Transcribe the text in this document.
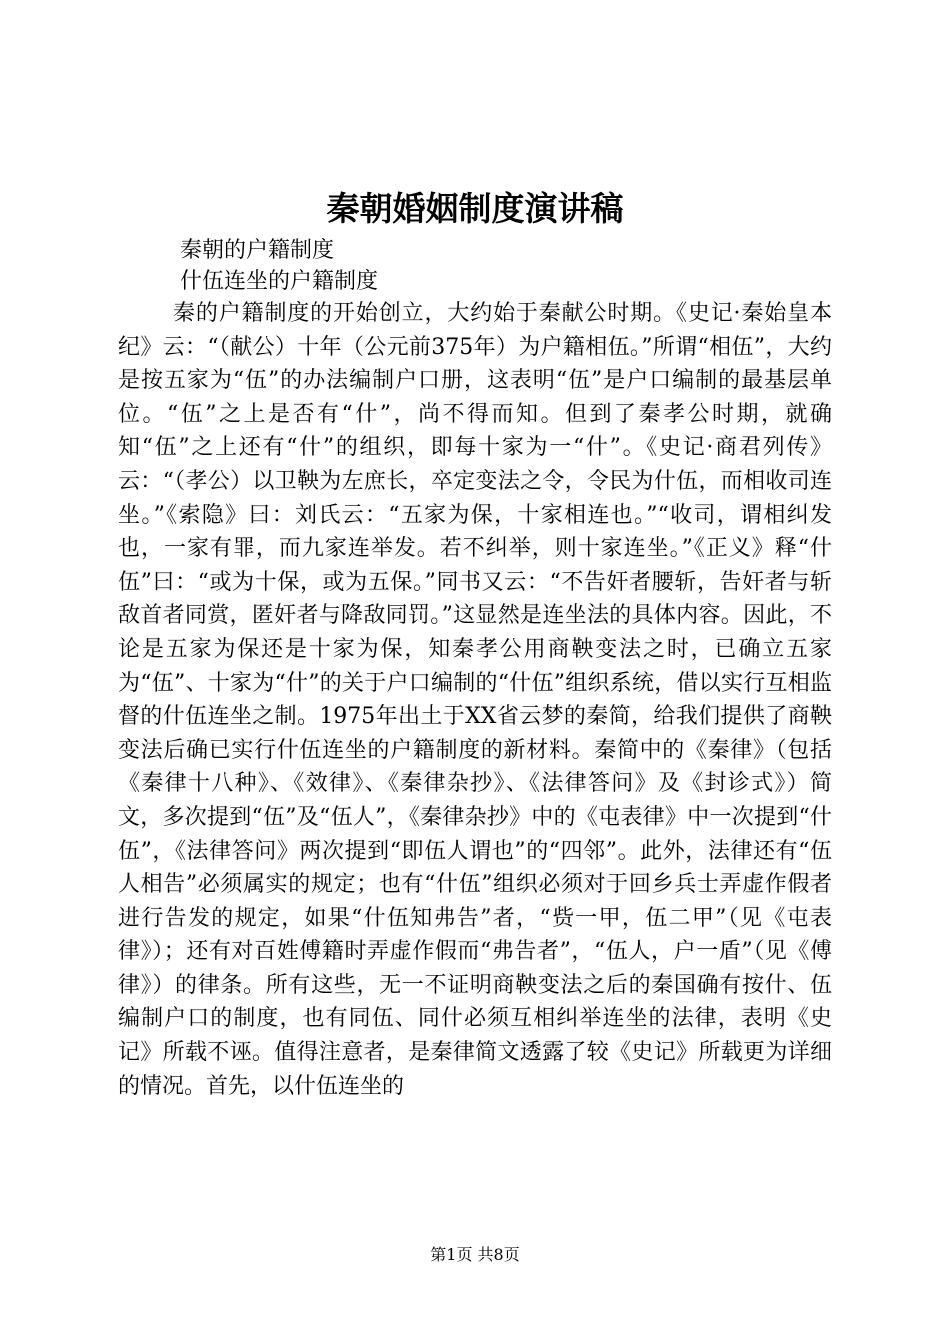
秦朝婚姻制度演讲稿

秦朝的户籍制度

什伍连坐的户籍制度

秦的户籍制度的开始创立，大约始于秦献公时期。《史记·秦始皇本纪》云：“（献公）十年（公元前375年）为户籍相伍。”所谓“相伍”，大约是按五家为“伍”的办法编制户口册，这表明“伍”是户口编制的最基层单位。“伍”之上是否有“什”，尚不得而知。但到了秦孝公时期，就确知“伍”之上还有“什”的组织，即每十家为一“什”。《史记·商君列传》云：“（孝公）以卫鞅为左庶长，卒定变法之令，令民为什伍，而相收司连坐。”《索隐》曰：刘氏云：“五家为保，十家相连也。”“收司，谓相纠发也，一家有罪，而九家连举发。若不纠举，则十家连坐。”《正义》释“什伍”曰：“或为十保，或为五保。”同书又云：“不告奸者腰斩，告奸者与斩敌首者同赏，匿奸者与降敌同罚。”这显然是连坐法的具体内容。因此，不论是五家为保还是十家为保，知秦孝公用商鞅变法之时，已确立五家为“伍”、十家为“什”的关于户口编制的“什伍”组织系统，借以实行互相监督的什伍连坐之制。1975年出土于XX省云梦的秦简，给我们提供了商鞅变法后确已实行什伍连坐的户籍制度的新材料。秦简中的《秦律》（包括《秦律十八种》、《效律》、《秦律杂抄》、《法律答问》及《封诊式》）简文，多次提到“伍”及“伍人”，《秦律杂抄》中的《屯表律》中一次提到“什伍”，《法律答问》两次提到“即伍人谓也”的“四邻”。此外，法律还有“伍人相告”必须属实的规定；也有“什伍”组织必须对于回乡兵士弄虚作假者进行告发的规定，如果“什伍知弗告”者，“赀一甲，伍二甲”（见《屯表律》）；还有对百姓傅籍时弄虚作假而“弗告者”，“伍人，户一盾”（见《傅律》）的律条。所有这些，无一不证明商鞅变法之后的秦国确有按什、伍编制户口的制度，也有同伍、同什必须互相纠举连坐的法律，表明《史记》所载不诬。值得注意者，是秦律简文透露了较《史记》所载更为详细的情况。首先，以什伍连坐的

第1页 共8页
